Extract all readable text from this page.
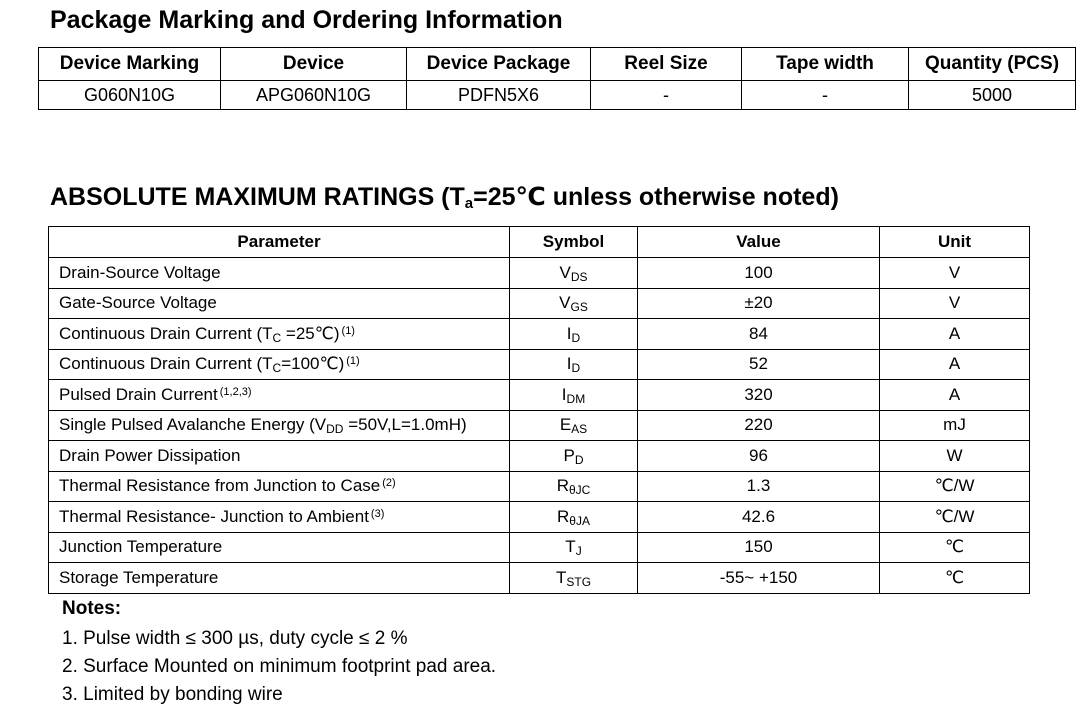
Package Marking and Ordering Information
Device Marking	Device	Device Package	Reel Size	Tape width	Quantity (PCS)
G060N10G	APG060N10G	PDFN5X6	-	-	5000
ABSOLUTE MAXIMUM RATINGS ($T_a=25℃$ unless otherwise noted)
Parameter	Symbol	Value	Unit
Drain-Source Voltage	VDS	100	V
Gate-Source Voltage	VGS	±20	V
Continuous Drain Current (TC =25℃) $^{(1)}$	ID	84	A
Continuous Drain Current (TC=100℃) $^{(1)}$	ID	52	A
Pulsed Drain Current $^{(1,2,3)}$	IDM	320	A
Single Pulsed Avalanche Energy (VDD =50V,L=1.0mH)	EAS	220	mJ
Drain Power Dissipation	PD	96	W
Thermal Resistance from Junction to Case $^{(2)}$	RθJC	1.3	℃/W
Thermal Resistance- Junction to Ambient $^{(3)}$	RθJA	42.6	℃/W
Junction Temperature	TJ	150	℃
Storage Temperature	TSTG	-55~ +150	℃
Notes:
1. Pulse width ≤ 300 µs, duty cycle ≤ 2 %
2. Surface Mounted on minimum footprint pad area.
3. Limited by bonding wire
